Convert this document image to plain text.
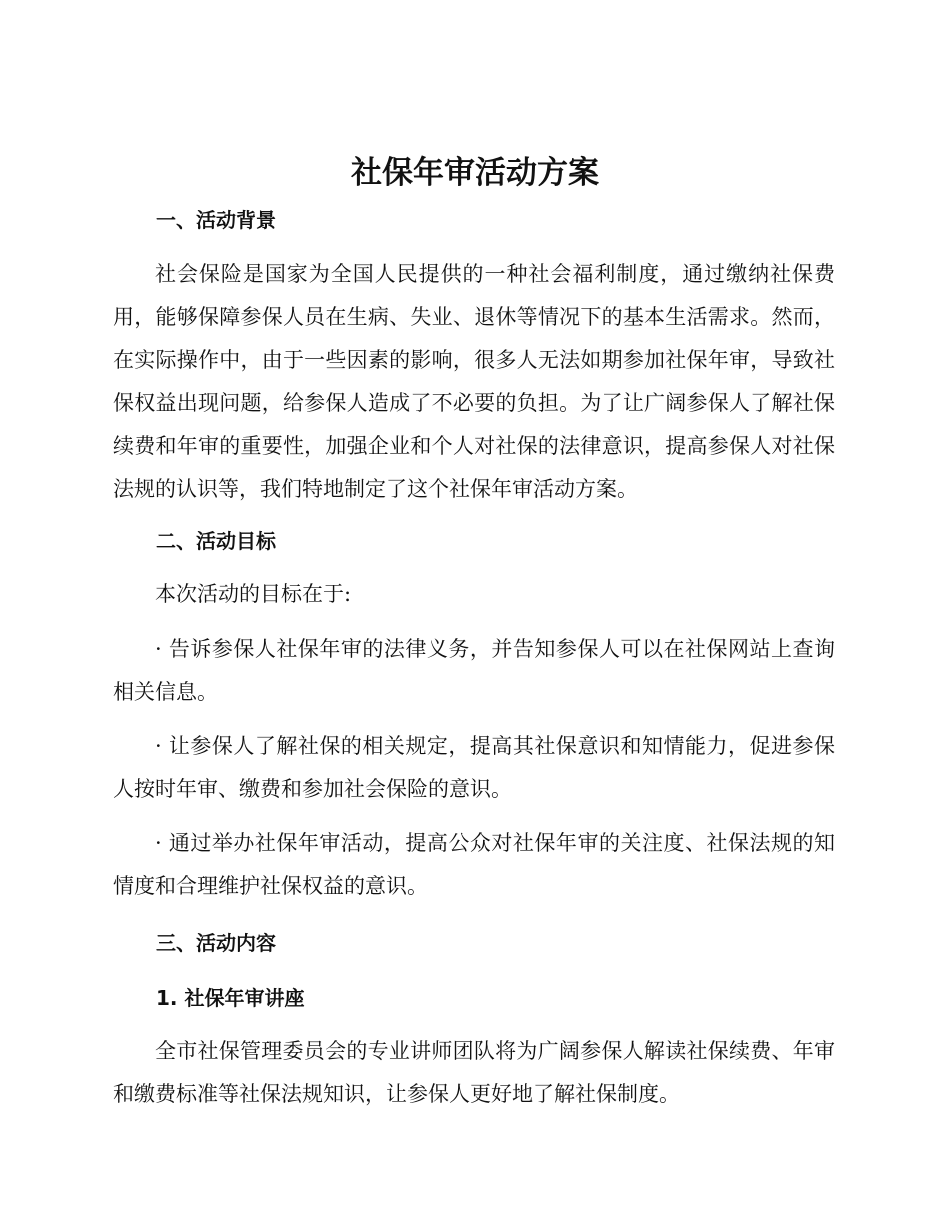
社保年审活动方案
一、活动背景

社会保险是国家为全国人民提供的一种社会福利制度，通过缴纳社保费用，能够保障参保人员在生病、失业、退休等情况下的基本生活需求。然而，在实际操作中，由于一些因素的影响，很多人无法如期参加社保年审，导致社保权益出现问题，给参保人造成了不必要的负担。为了让广阔参保人了解社保续费和年审的重要性，加强企业和个人对社保的法律意识，提高参保人对社保法规的认识等，我们特地制定了这个社保年审活动方案。

二、活动目标

本次活动的目标在于:

· 告诉参保人社保年审的法律义务，并告知参保人可以在社保网站上查询相关信息。

· 让参保人了解社保的相关规定，提高其社保意识和知情能力，促进参保人按时年审、缴费和参加社会保险的意识。

· 通过举办社保年审活动，提高公众对社保年审的关注度、社保法规的知情度和合理维护社保权益的意识。

三、活动内容
1. 社保年审讲座

全市社保管理委员会的专业讲师团队将为广阔参保人解读社保续费、年审和缴费标准等社保法规知识，让参保人更好地了解社保制度。
